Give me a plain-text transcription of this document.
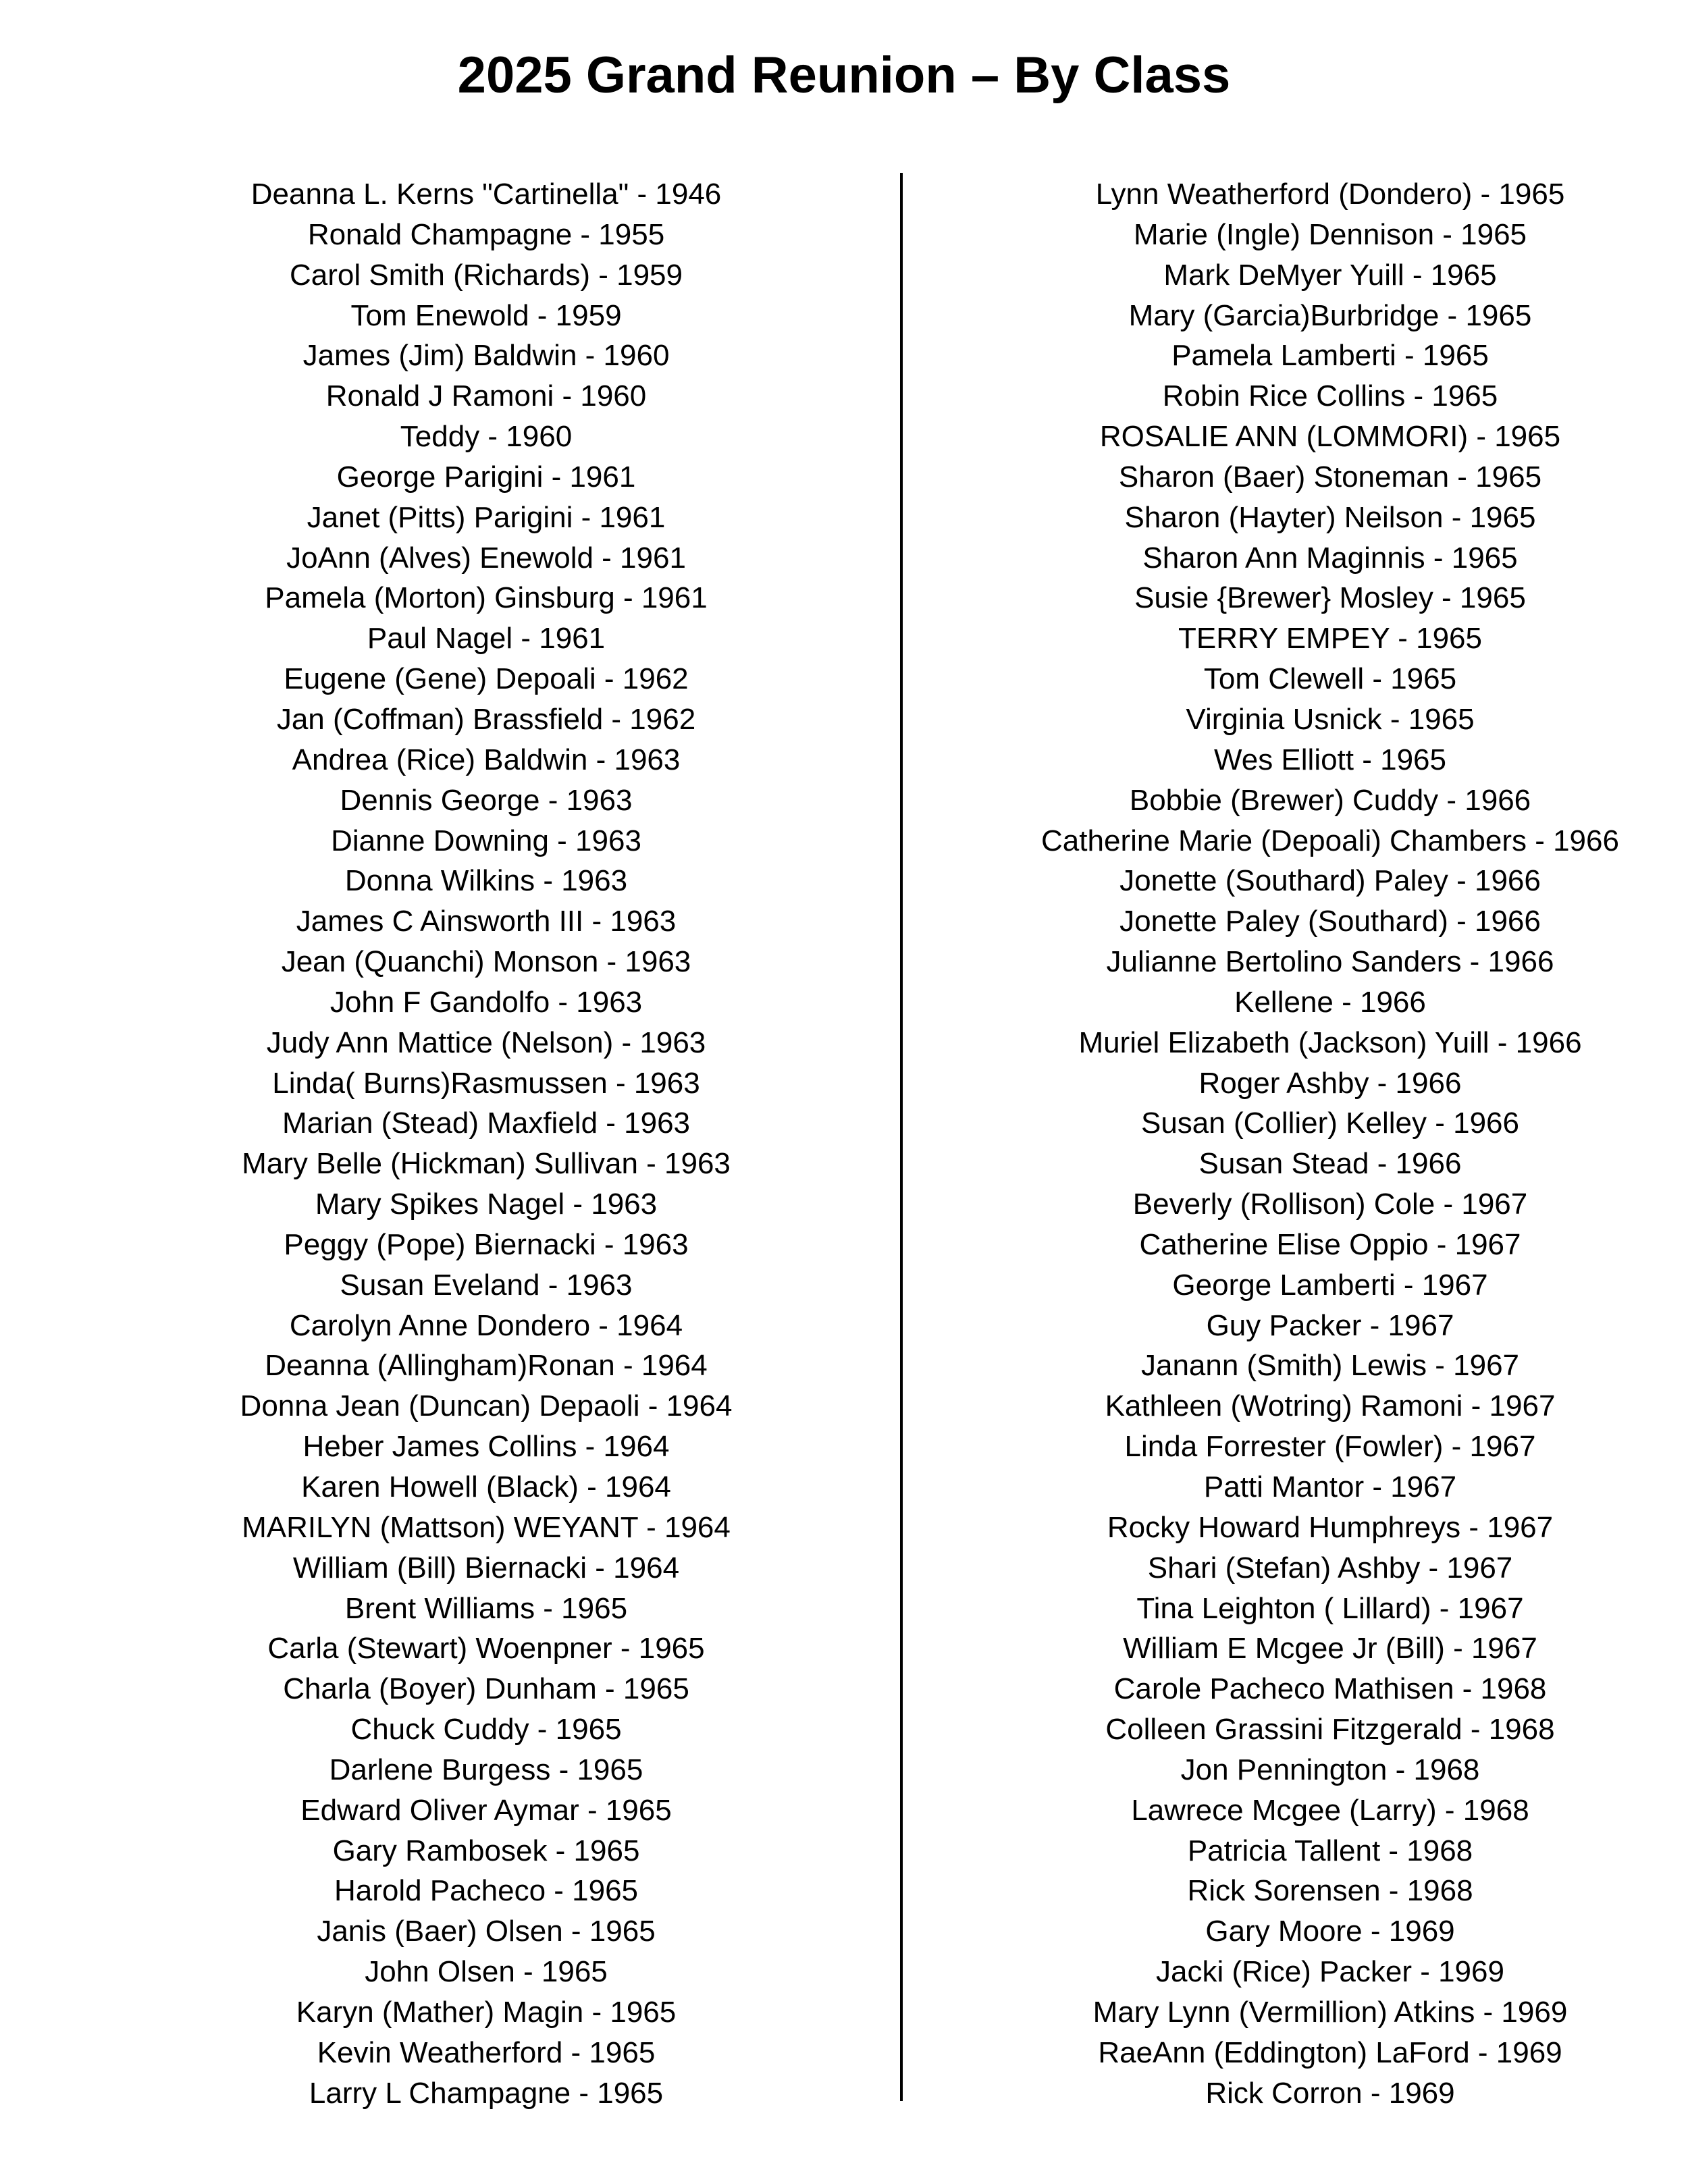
2025 Grand Reunion – By Class
Deanna L. Kerns "Cartinella" - 1946
Ronald Champagne - 1955
Carol Smith (Richards) - 1959
Tom Enewold - 1959
James (Jim) Baldwin - 1960
Ronald J Ramoni - 1960
Teddy - 1960
George Parigini - 1961
Janet (Pitts) Parigini - 1961
JoAnn (Alves) Enewold - 1961
Pamela (Morton) Ginsburg - 1961
Paul Nagel - 1961
Eugene (Gene) Depoali - 1962
Jan (Coffman) Brassfield - 1962
Andrea (Rice) Baldwin - 1963
Dennis George - 1963
Dianne Downing - 1963
Donna Wilkins - 1963
James C Ainsworth III - 1963
Jean (Quanchi) Monson - 1963
John F Gandolfo - 1963
Judy Ann Mattice (Nelson) - 1963
Linda( Burns)Rasmussen - 1963
Marian (Stead) Maxfield - 1963
Mary Belle (Hickman) Sullivan - 1963
Mary Spikes Nagel - 1963
Peggy (Pope) Biernacki - 1963
Susan Eveland - 1963
Carolyn Anne Dondero - 1964
Deanna (Allingham)Ronan - 1964
Donna Jean (Duncan) Depaoli - 1964
Heber James Collins - 1964
Karen Howell (Black) - 1964
MARILYN (Mattson) WEYANT - 1964
William (Bill) Biernacki - 1964
Brent Williams - 1965
Carla (Stewart) Woenpner - 1965
Charla (Boyer) Dunham - 1965
Chuck Cuddy - 1965
Darlene Burgess - 1965
Edward Oliver Aymar - 1965
Gary Rambosek - 1965
Harold Pacheco - 1965
Janis (Baer) Olsen - 1965
John Olsen - 1965
Karyn (Mather) Magin - 1965
Kevin Weatherford - 1965
Larry L Champagne - 1965
Lynn Weatherford (Dondero) - 1965
Marie (Ingle) Dennison - 1965
Mark DeMyer Yuill - 1965
Mary (Garcia)Burbridge - 1965
Pamela Lamberti - 1965
Robin Rice Collins - 1965
ROSALIE ANN (LOMMORI) - 1965
Sharon (Baer) Stoneman - 1965
Sharon (Hayter) Neilson - 1965
Sharon Ann Maginnis - 1965
Susie {Brewer} Mosley - 1965
TERRY EMPEY - 1965
Tom Clewell - 1965
Virginia Usnick - 1965
Wes Elliott - 1965
Bobbie (Brewer) Cuddy - 1966
Catherine Marie (Depoali) Chambers - 1966
Jonette (Southard) Paley - 1966
Jonette Paley (Southard) - 1966
Julianne Bertolino Sanders - 1966
Kellene - 1966
Muriel Elizabeth (Jackson) Yuill - 1966
Roger Ashby - 1966
Susan (Collier) Kelley - 1966
Susan Stead - 1966
Beverly (Rollison) Cole - 1967
Catherine Elise Oppio - 1967
George Lamberti - 1967
Guy Packer - 1967
Janann (Smith) Lewis - 1967
Kathleen (Wotring) Ramoni - 1967
Linda Forrester (Fowler) - 1967
Patti Mantor - 1967
Rocky Howard Humphreys - 1967
Shari (Stefan) Ashby - 1967
Tina Leighton ( Lillard) - 1967
William E Mcgee Jr (Bill) - 1967
Carole Pacheco Mathisen - 1968
Colleen Grassini Fitzgerald - 1968
Jon Pennington - 1968
Lawrece Mcgee (Larry) - 1968
Patricia Tallent - 1968
Rick Sorensen - 1968
Gary Moore - 1969
Jacki (Rice) Packer - 1969
Mary Lynn (Vermillion) Atkins - 1969
RaeAnn (Eddington) LaFord - 1969
Rick Corron - 1969
